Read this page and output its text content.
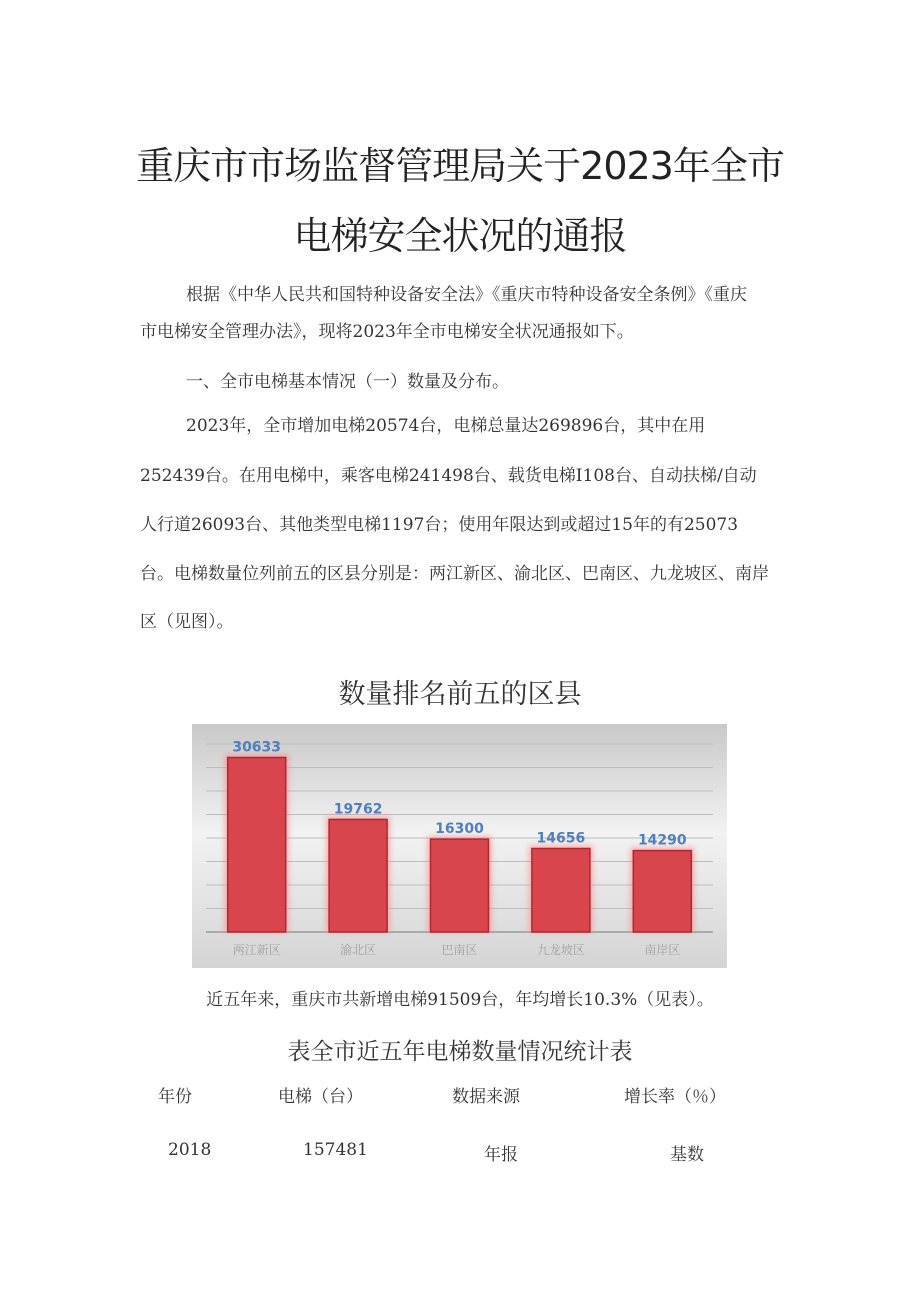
重庆市市场监督管理局关于2023年全市
电梯安全状况的通报
根据《中华人民共和国特种设备安全法》《重庆市特种设备安全条例》《重庆
市电梯安全管理办法》，现将2023年全市电梯安全状况通报如下。
一、全市电梯基本情况（一）数量及分布。
2023年，全市增加电梯20574台，电梯总量达269896台，其中在用
252439台。在用电梯中，乘客电梯241498台、载货电梯I108台、自动扶梯/自动
人行道26093台、其他类型电梯1197台；使用年限达到或超过15年的有25073
台。电梯数量位列前五的区县分别是：两江新区、渝北区、巴南区、九龙坡区、南岸
区（见图）。
数量排名前五的区县
30633
两江新区
19762
渝北区
16300
巴南区
14656
九龙坡区
14290
南岸区
近五年来，重庆市共新增电梯91509台，年均增长10.3%（见表）。
表全市近五年电梯数量情况统计表
年份	电梯（台）	数据来源	增长率（％）
2018	157481	年报	基数
